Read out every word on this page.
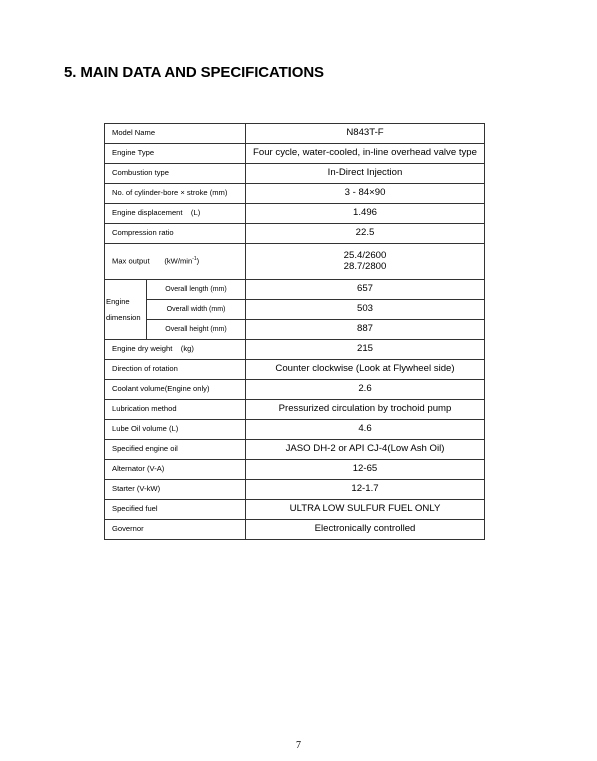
5. MAIN DATA AND SPECIFICATIONS
Model Name		N843T-F
Engine Type		Four cycle, water-cooled, in-line overhead valve type
Combustion type		In-Direct Injection
No. of cylinder-bore × stroke (mm)		3 - 84×90
Engine displacement    (L)		1.496
Compression ratio		22.5
Max output $(kW/\min^{-1})$		25.4/2600
28.7/2800

Engine
dimension	Overall length (mm)	657
	Overall width (mm)	503
	Overall height (mm)	887
Engine dry weight    (kg)		215
Direction of rotation		Counter clockwise (Look at Flywheel side)
Coolant volume(Engine only)		2.6
Lubrication method		Pressurized circulation by trochoid pump
Lube Oil volume (L)		4.6
Specified engine oil		JASO DH-2 or API CJ-4(Low Ash Oil)
Alternator (V-A)		12-65
Starter (V-kW)		12-1.7
Specified fuel		ULTRA LOW SULFUR FUEL ONLY
Governor		Electronically controlled
7
